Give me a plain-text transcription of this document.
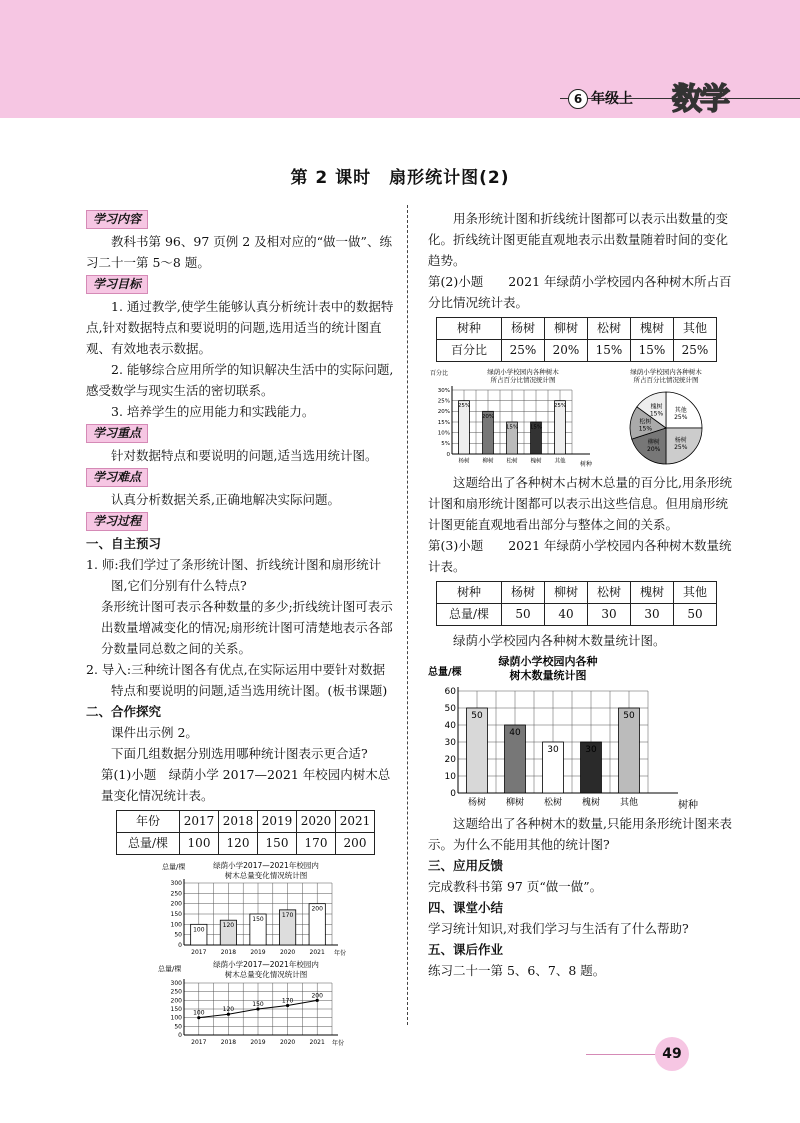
6 年级上 数学
第 2 课时　扇形统计图(2)
学习内容

教科书第 96、97 页例 2 及相对应的“做一做”、练习二十一第 5～8 题。

学习目标

1. 通过教学,使学生能够认真分析统计表中的数据特点,针对数据特点和要说明的问题,选用适当的统计图直观、有效地表示数据。

2. 能够综合应用所学的知识解决生活中的实际问题,感受数学与现实生活的密切联系。

3. 培养学生的应用能力和实践能力。

学习重点

针对数据特点和要说明的问题,适当选用统计图。

学习难点

认真分析数据关系,正确地解决实际问题。

学习过程

一、自主预习

1. 师:我们学过了条形统计图、折线统计图和扇形统计图,它们分别有什么特点?

条形统计图可表示各种数量的多少;折线统计图可表示出数量增减变化的情况;扇形统计图可清楚地表示各部分数量同总数之间的关系。

2. 导入:三种统计图各有优点,在实际运用中要针对数据特点和要说明的问题,适当选用统计图。(板书课题)

二、合作探究

课件出示例 2。

下面几组数据分别选用哪种统计图表示更合适?

第(1)小题　绿荫小学 2017—2021 年校园内树木总量变化情况统计表。

年份	2017	2018	2019	2020	2021
总量/棵	100	120	150	170	200
总量/棵	绿荫小学2017—2021年校园内
树木总量变化情况统计图
年份
0
50
100
150
200
250
300
2017 2018 2019 2020 2021
100
120
150
170
200
总量/棵	绿荫小学2017—2021年校园内
树木总量变化情况统计图
年份
0
50
100
150
200
250
300
2017 2018 2019 2020 2021
100	120
150	170
200

用条形统计图和折线统计图都可以表示出数量的变化。折线统计图更能直观地表示出数量随着时间的变化趋势。

第(2)小题　　2021 年绿荫小学校园内各种树木所占百分比情况统计表。

树种	杨树	柳树	松树	槐树	其他
百分比	25%	20%	15%	15%	25%
百分比	绿荫小学校园内各种树木
所占百分比情况统计图
树种
0
5%
10%
15%
20%
25%
30%
杨树 柳树 松树 槐树 其他
25%
20%
15% 15%
25%
绿荫小学校园内各种树木
所占百分比情况统计图
其他
25%
杨树
25%
柳树
20%
松树
15%
槐树
15%

这题给出了各种树木占树木总量的百分比,用条形统计图和扇形统计图都可以表示出这些信息。但用扇形统计图更能直观地看出部分与整体之间的关系。

第(3)小题　　2021 年绿荫小学校园内各种树木数量统计表。

树种	杨树	柳树	松树	槐树	其他
总量/棵	50	40	30	30	50

绿荫小学校园内各种树木数量统计图。

总量/棵
绿荫小学校园内各种
树木数量统计图
树种
0
10
20
30
40
50
60
杨树 柳树 松树 槐树 其他
50
40
30	30
50

这题给出了各种树木的数量,只能用条形统计图来表示。为什么不能用其他的统计图?

三、应用反馈

完成教科书第 97 页“做一做”。

四、课堂小结

学习统计知识,对我们学习与生活有了什么帮助?

五、课后作业

练习二十一第 5、6、7、8 题。

49
